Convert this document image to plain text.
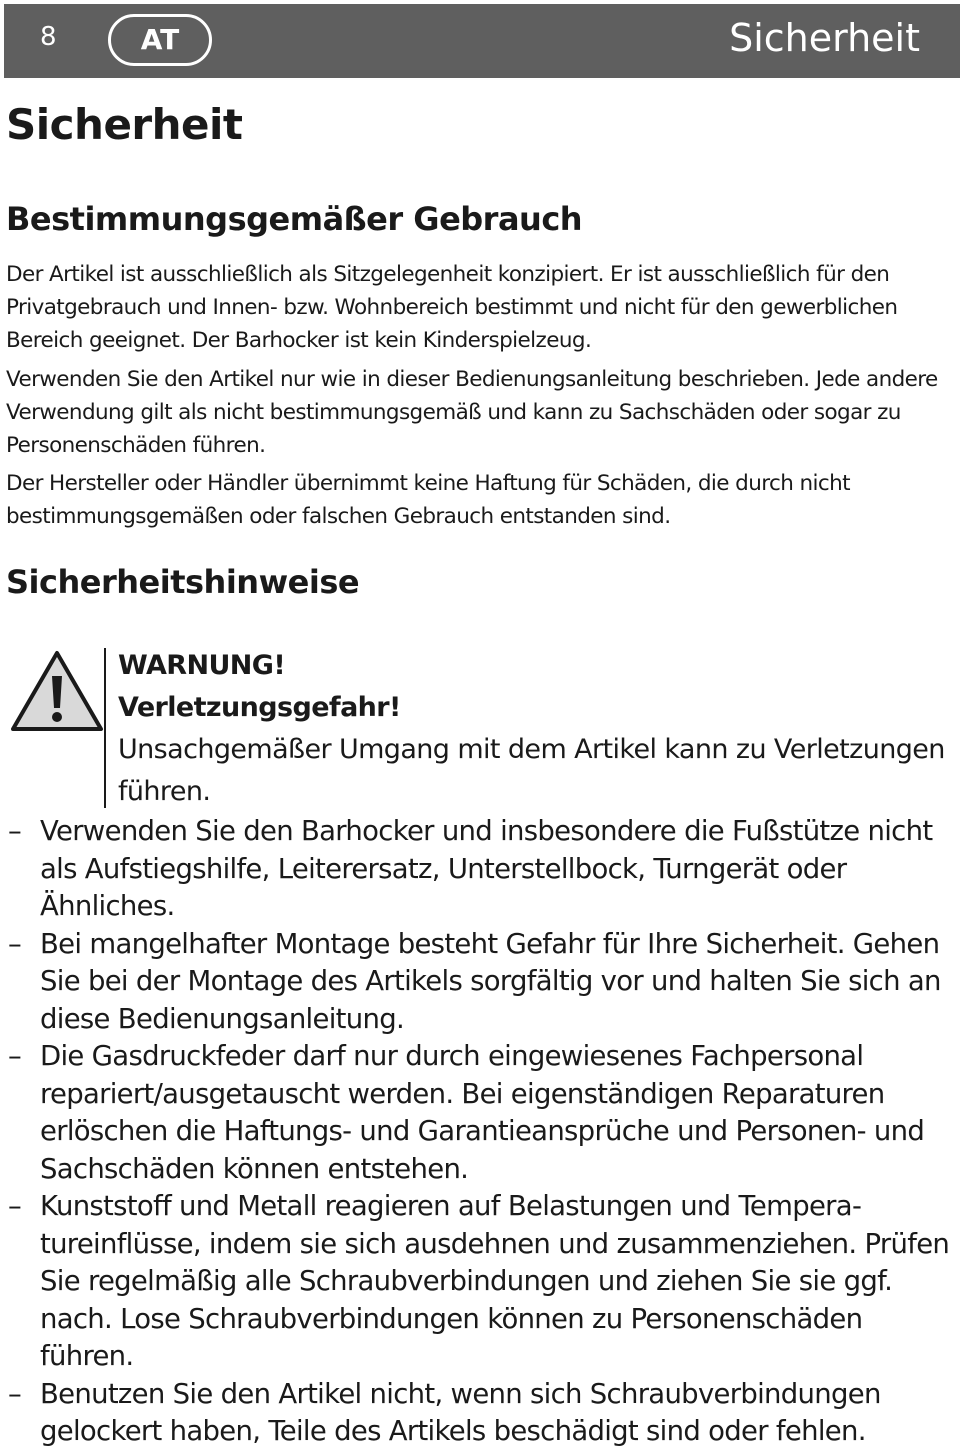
8	AT	Sicherheit
Sicherheit
Bestimmungsgemäßer Gebrauch

Der Artikel ist ausschließlich als Sitzgelegenheit konzipiert. Er ist ausschließlich für den Privatgebrauch und Innen- bzw. Wohnbereich bestimmt und nicht für den gewerblichen Bereich geeignet. Der Barhocker ist kein Kinderspielzeug.

Verwenden Sie den Artikel nur wie in dieser Bedienungsanleitung beschrieben. Jede andere Verwendung gilt als nicht bestimmungsgemäß und kann zu Sachschäden oder sogar zu Personenschäden führen.

Der Hersteller oder Händler übernimmt keine Haftung für Schäden, die durch nicht bestimmungsgemäßen oder falschen Gebrauch entstanden sind.

Sicherheitshinweise
WARNUNG!
Verletzungsgefahr!
Unsachgemäßer Umgang mit dem Artikel kann zu Verletzungen führen.
– Verwenden Sie den Barhocker und insbesondere die Fußstütze nicht als Aufstiegshilfe, Leiterersatz, Unterstellbock, Turngerät oder Ähnliches.
– Bei mangelhafter Montage besteht Gefahr für Ihre Sicherheit. Gehen Sie bei der Montage des Artikels sorgfältig vor und halten Sie sich an diese Bedienungsanleitung.
– Die Gasdruckfeder darf nur durch eingewiesenes Fachpersonal repariert/ausgetauscht werden. Bei eigenständigen Reparaturen erlöschen die Haftungs- und Garantieansprüche und Personen- und Sachschäden können entstehen.
– Kunststoff und Metall reagieren auf Belastungen und Temperatureinflüsse, indem sie sich ausdehnen und zusammenziehen. Prüfen Sie regelmäßig alle Schraubverbindungen und ziehen Sie sie ggf. nach. Lose Schraubverbindungen können zu Personenschäden führen.
– Benutzen Sie den Artikel nicht, wenn sich Schraubverbindungen gelockert haben, Teile des Artikels beschädigt sind oder fehlen.
